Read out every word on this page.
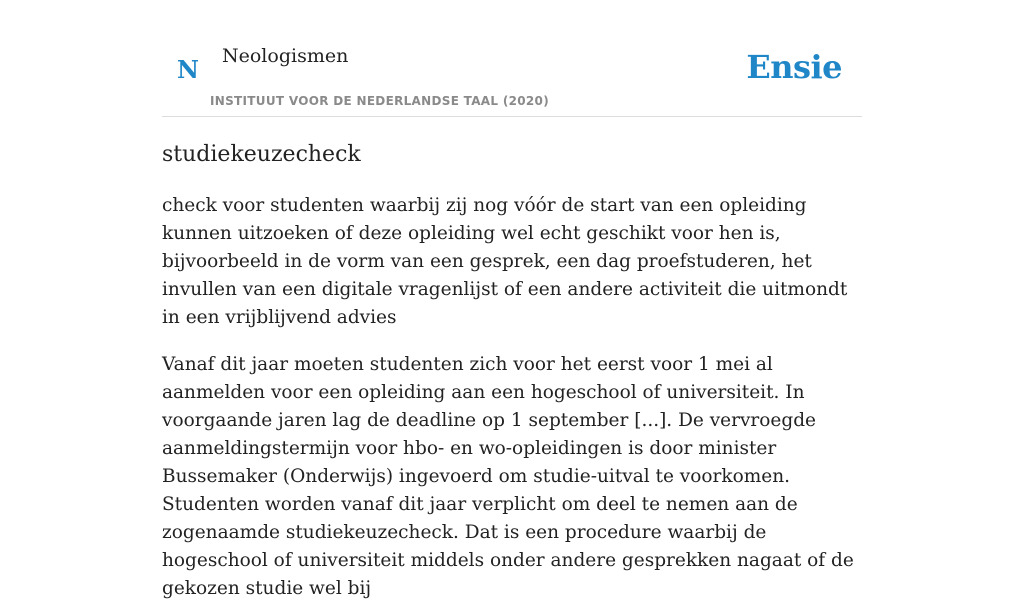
N Neologismen
INSTITUUT VOOR DE NEDERLANDSE TAAL (2020)
Ensie
studiekeuzecheck

check voor studenten waarbij zij nog vóór de start van een opleiding kunnen uitzoeken of deze opleiding wel echt geschikt voor hen is, bijvoorbeeld in de vorm van een gesprek, een dag proefstuderen, het invullen van een digitale vragenlijst of een andere activiteit die uitmondt in een vrijblijvend advies

Vanaf dit jaar moeten studenten zich voor het eerst voor 1 mei al aanmelden voor een opleiding aan een hogeschool of universiteit. In voorgaande jaren lag de deadline op 1 september [...]. De vervroegde aanmeldingstermijn voor hbo- en wo-opleidingen is door minister Bussemaker (Onderwijs) ingevoerd om studie-uitval te voorkomen. Studenten worden vanaf dit jaar verplicht om deel te nemen aan de zogenaamde studiekeuzecheck. Dat is een procedure waarbij de hogeschool of universiteit middels onder andere gesprekken nagaat of de gekozen studie wel bij
